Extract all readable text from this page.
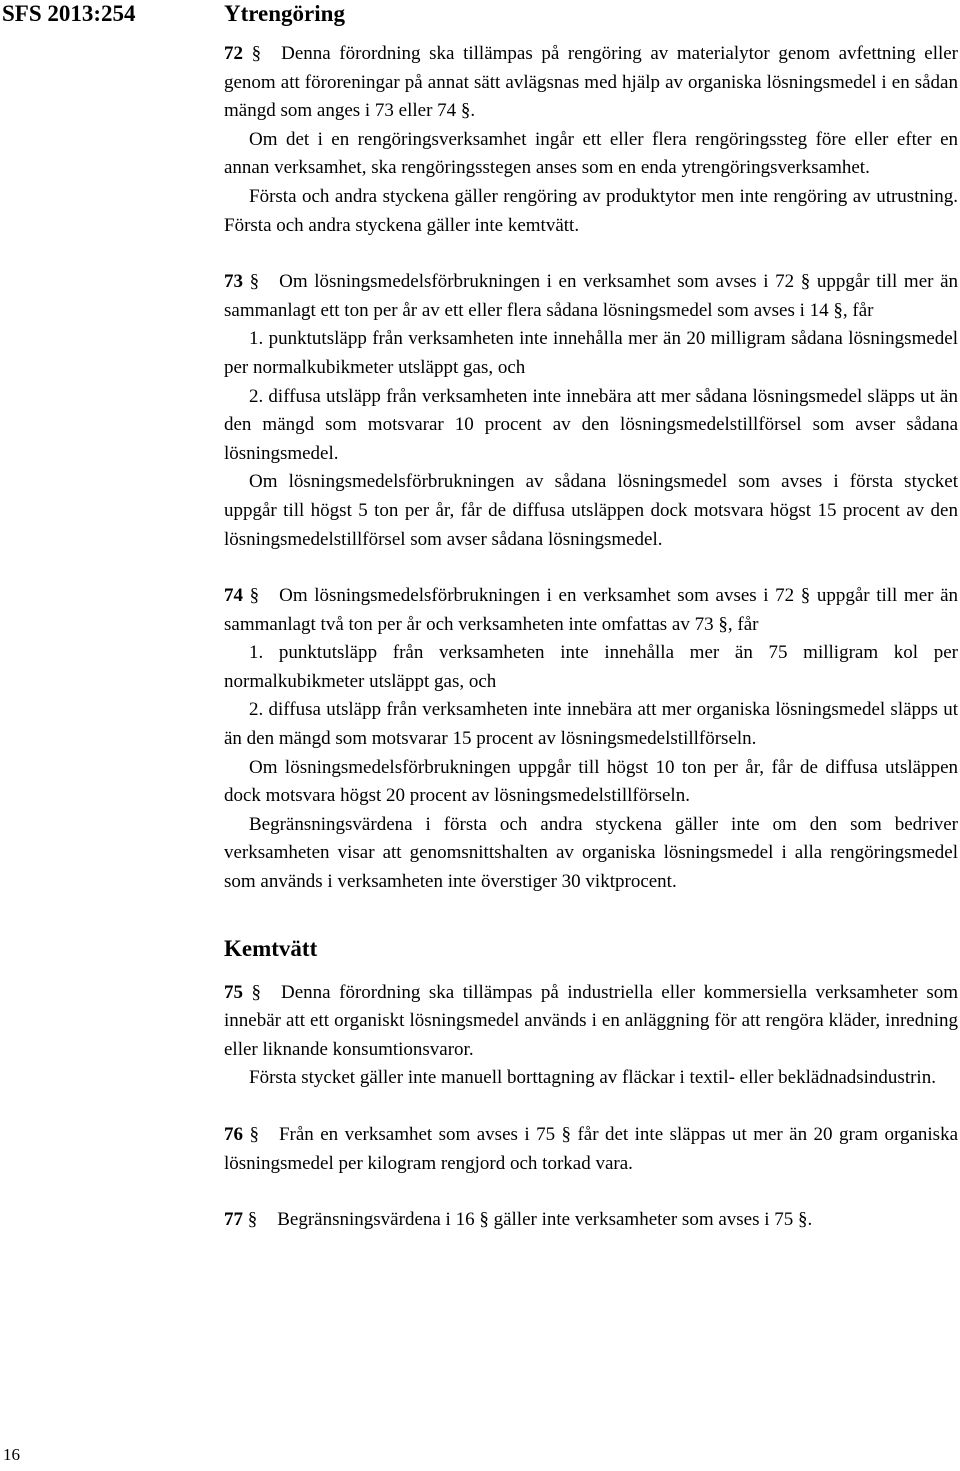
SFS 2013:254	Ytrengöring

72 § Denna förordning ska tillämpas på rengöring av materialytor genom avfettning eller genom att föroreningar på annat sätt avlägsnas med hjälp av organiska lösningsmedel i en sådan mängd som anges i 73 eller 74 §.

Om det i en rengöringsverksamhet ingår ett eller flera rengöringssteg före eller efter en annan verksamhet, ska rengöringsstegen anses som en enda ytrengöringsverksamhet.

Första och andra styckena gäller rengöring av produktytor men inte rengöring av utrustning. Första och andra styckena gäller inte kemtvätt.

73 § Om lösningsmedelsförbrukningen i en verksamhet som avses i 72 § uppgår till mer än sammanlagt ett ton per år av ett eller flera sådana lösningsmedel som avses i 14 §, får

1. punktutsläpp från verksamheten inte innehålla mer än 20 milligram sådana lösningsmedel per normalkubikmeter utsläppt gas, och

2. diffusa utsläpp från verksamheten inte innebära att mer sådana lösningsmedel släpps ut än den mängd som motsvarar 10 procent av den lösningsmedelstillförsel som avser sådana lösningsmedel.

Om lösningsmedelsförbrukningen av sådana lösningsmedel som avses i första stycket uppgår till högst 5 ton per år, får de diffusa utsläppen dock motsvara högst 15 procent av den lösningsmedelstillförsel som avser sådana lösningsmedel.

74 § Om lösningsmedelsförbrukningen i en verksamhet som avses i 72 § uppgår till mer än sammanlagt två ton per år och verksamheten inte omfattas av 73 §, får

1. punktutsläpp från verksamheten inte innehålla mer än 75 milligram kol per normalkubikmeter utsläppt gas, och

2. diffusa utsläpp från verksamheten inte innebära att mer organiska lösningsmedel släpps ut än den mängd som motsvarar 15 procent av lösningsmedelstillförseln.

Om lösningsmedelsförbrukningen uppgår till högst 10 ton per år, får de diffusa utsläppen dock motsvara högst 20 procent av lösningsmedelstillförseln.

Begränsningsvärdena i första och andra styckena gäller inte om den som bedriver verksamheten visar att genomsnittshalten av organiska lösningsmedel i alla rengöringsmedel som används i verksamheten inte överstiger 30 viktprocent.

Kemtvätt

75 § Denna förordning ska tillämpas på industriella eller kommersiella verksamheter som innebär att ett organiskt lösningsmedel används i en anläggning för att rengöra kläder, inredning eller liknande konsumtionsvaror.

Första stycket gäller inte manuell borttagning av fläckar i textil- eller beklädnadsindustrin.

76 § Från en verksamhet som avses i 75 § får det inte släppas ut mer än 20 gram organiska lösningsmedel per kilogram rengjord och torkad vara.

77 § Begränsningsvärdena i 16 § gäller inte verksamheter som avses i 75 §.

16
